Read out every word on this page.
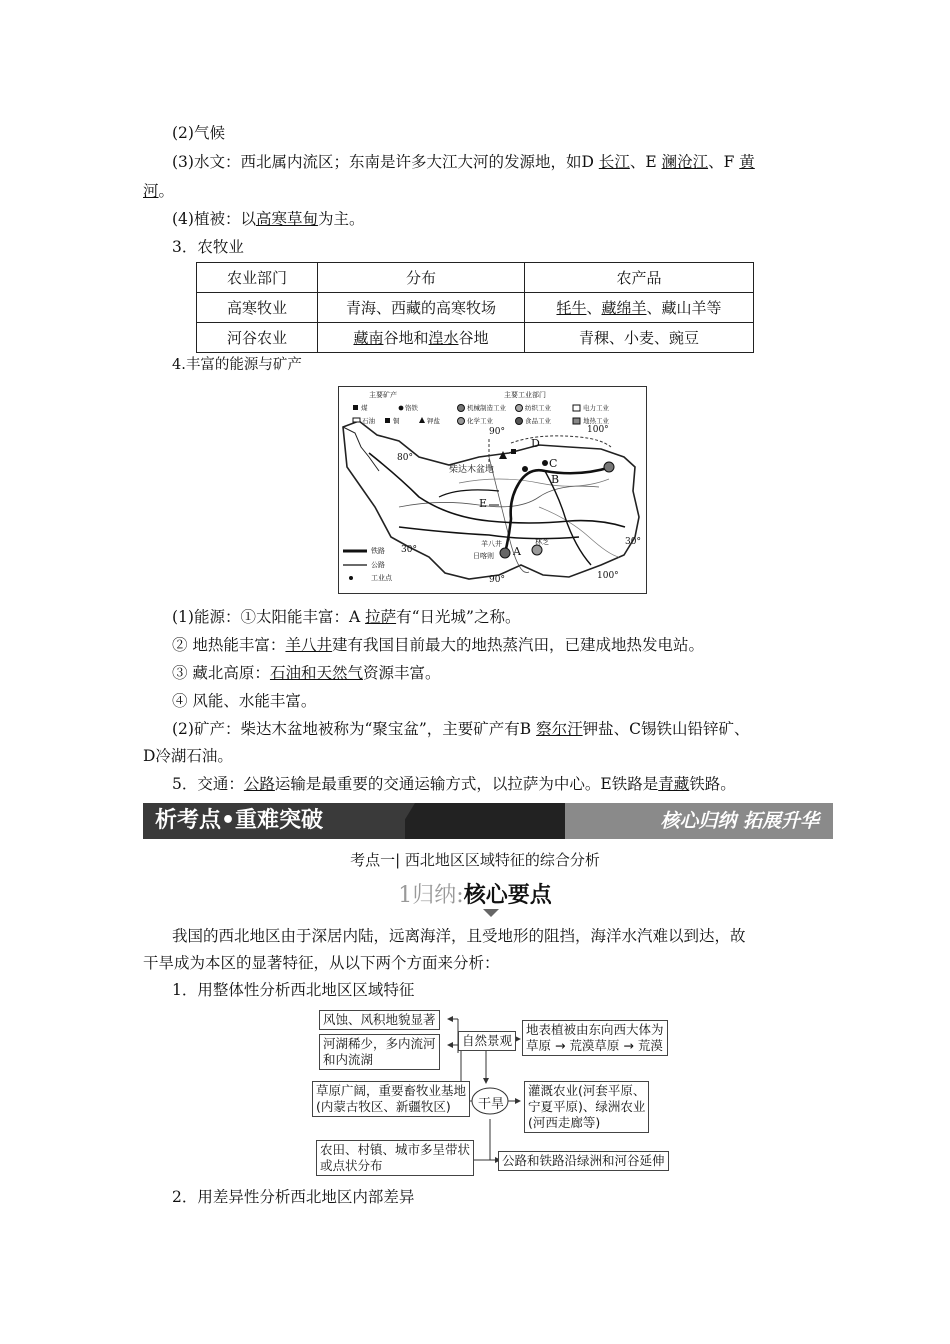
(2)气候
(3)水文：西北属内流区；东南是许多大江大河的发源地，如D 长江、E 澜沧江、F 黄
河。
(4)植被：以高寒草甸为主。
3．农牧业
农业部门	分布	农产品
高寒牧业	青海、西藏的高寒牧场	牦牛、藏绵羊、藏山羊等
河谷农业	藏南谷地和湟水谷地	青稞、小麦、豌豆
4.丰富的能源与矿产
主要矿产	主要工业部门
煤	铬铁
石油	铜	钾盐
机械制造工业	纺织工业
化学工业	食品工业
电力工业
地热工业
90°	100°
80°
30°
30°
90°	100°
柴达木盆地
D
C
B
E
A
铁路
公路
工业点
羊八井
日喀则
林芝
(1)能源：①太阳能丰富：A 拉萨有“日光城”之称。
② 地热能丰富：羊八井建有我国目前最大的地热蒸汽田，已建成地热发电站。
③ 藏北高原：石油和天然气资源丰富。
④ 风能、水能丰富。
(2)矿产：柴达木盆地被称为“聚宝盆”，主要矿产有B 察尔汗钾盐、C锡铁山铅锌矿、
D冷湖石油。
5．交通：公路运输是最重要的交通运输方式，以拉萨为中心。E铁路是青藏铁路。
析考点•重难突破	核心归纳 拓展升华
考点一| 西北地区区域特征的综合分析
1归纳:核心要点
我国的西北地区由于深居内陆，远离海洋，且受地形的阻挡，海洋水汽难以到达，故
干旱成为本区的显著特征，从以下两个方面来分析：
1．用整体性分析西北地区区域特征
风蚀、风积地貌显著
河湖稀少，多内流河
和内流湖
自然景观
地表植被由东向西大体为
草原 → 荒漠草原 → 荒漠
草原广阔，重要畜牧业基地
(内蒙古牧区、新疆牧区)	干旱
灌溉农业(河套平原、
宁夏平原)、绿洲农业
(河西走廊等)
农田、村镇、城市多呈带状
或点状分布	公路和铁路沿绿洲和河谷延伸
2．用差异性分析西北地区内部差异
